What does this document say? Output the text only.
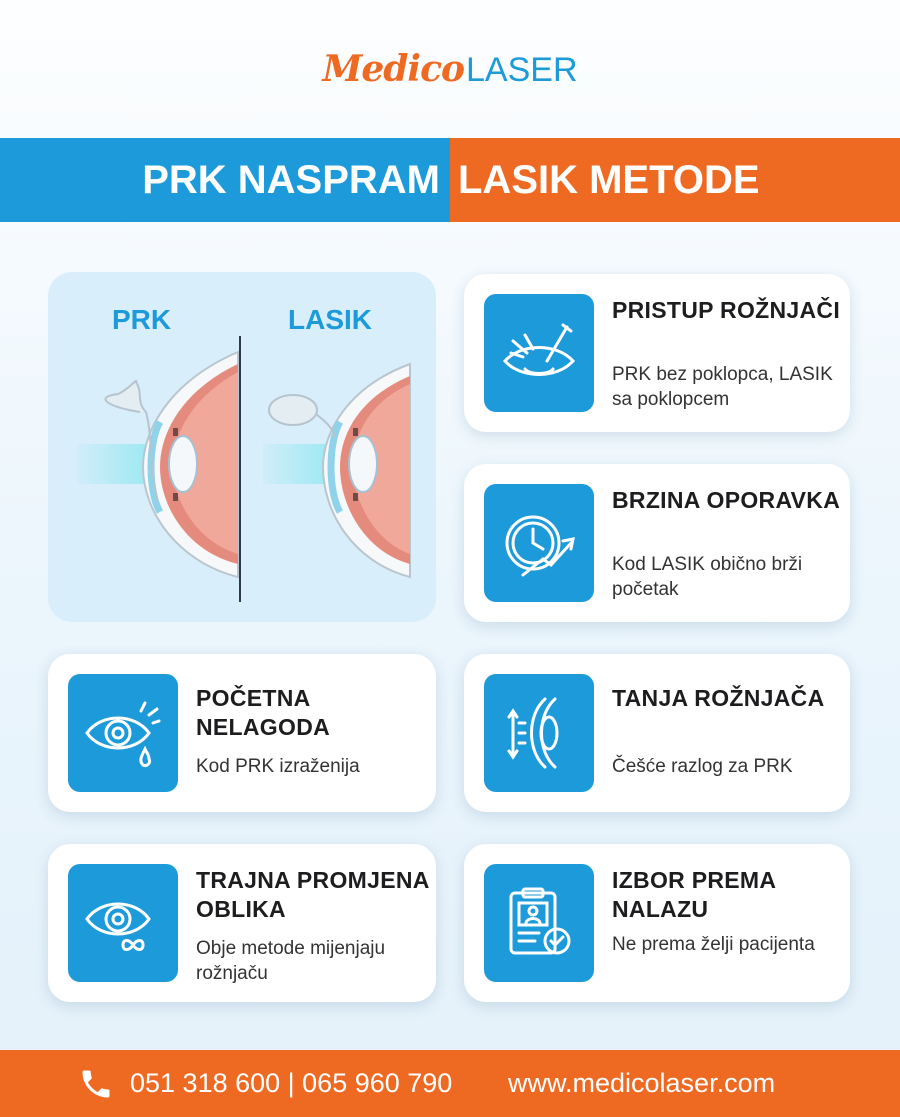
MedicoLASER
PRK NASPRAM LASIK METODE
PRK	LASIK	PRISTUP ROŽNJAČI
PRK bez poklopca, LASIK sa poklopcem
BRZINA OPORAVKA
Kod LASIK obično brži početak
POČETNA NELAGODA
Kod PRK izraženija
TANJA ROŽNJAČA
Češće razlog za PRK
TRAJNA PROMJENA OBLIKA
Obje metode mijenjaju rožnjaču
IZBOR PREMA NALAZU
Ne prema želji pacijenta
051 318 600 | 065 960 790 www.medicolaser.com
